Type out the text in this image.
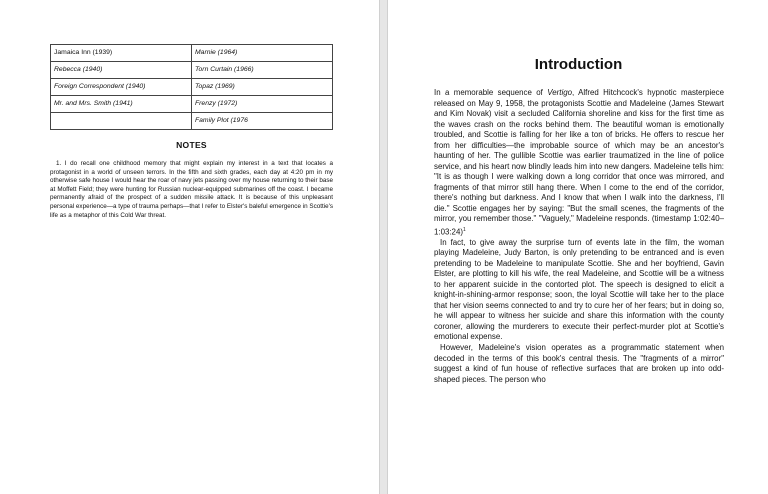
Jamaica Inn (1939)	Marnie (1964)
Rebecca (1940)	Torn Curtain (1966)
Foreign Correspondent (1940)	Topaz (1969)
Mr. and Mrs. Smith (1941)	Frenzy (1972)
	Family Plot (1976
NOTES

1. I do recall one childhood memory that might explain my interest in a text that locates a protagonist in a world of unseen terrors. In the fifth and sixth grades, each day at 4:20 pm in my otherwise safe house I would hear the roar of navy jets passing over my house returning to their base at Moffett Field; they were hunting for Russian nuclear-equipped submarines off the coast. I became permanently afraid of the prospect of a sudden missile attack. It is because of this unpleasant personal experience—a type of trauma perhaps—that I refer to Elster's baleful emergence in Scottie's life as a metaphor of this Cold War threat.

Introduction

In a memorable sequence of Vertigo, Alfred Hitchcock's hypnotic masterpiece released on May 9, 1958, the protagonists Scottie and Madeleine (James Stewart and Kim Novak) visit a secluded California shoreline and kiss for the first time as the waves crash on the rocks behind them. The beautiful woman is emotionally troubled, and Scottie is falling for her like a ton of bricks. He offers to rescue her from her difficulties—the improbable source of which may be an ancestor's haunting of her. The gullible Scottie was earlier traumatized in the line of police service, and his heart now blindly leads him into new dangers. Madeleine tells him: "It is as though I were walking down a long corridor that once was mirrored, and fragments of that mirror still hang there. When I come to the end of the corridor, there's nothing but darkness. And I know that when I walk into the darkness, I'll die." Scottie engages her by saying: "But the small scenes, the fragments of the mirror, you remember those." "Vaguely," Madeleine responds. (timestamp 1:02:40–1:03:24)$^1$

In fact, to give away the surprise turn of events late in the film, the woman playing Madeleine, Judy Barton, is only pretending to be entranced and is even pretending to be Madeleine to manipulate Scottie. She and her boyfriend, Gavin Elster, are plotting to kill his wife, the real Madeleine, and Scottie will be a witness to her apparent suicide in the contorted plot. The speech is designed to elicit a knight-in-shining-armor response; soon, the loyal Scottie will take her to the place that her vision seems connected to and try to cure her of her fears; but in doing so, he will appear to witness her suicide and share this information with the county coroner, allowing the murderers to execute their perfect-murder plot at Scottie's emotional expense.

However, Madeleine's vision operates as a programmatic statement when decoded in the terms of this book's central thesis. The "fragments of a mirror" suggest a kind of fun house of reflective surfaces that are broken up into odd-shaped pieces. The person who
